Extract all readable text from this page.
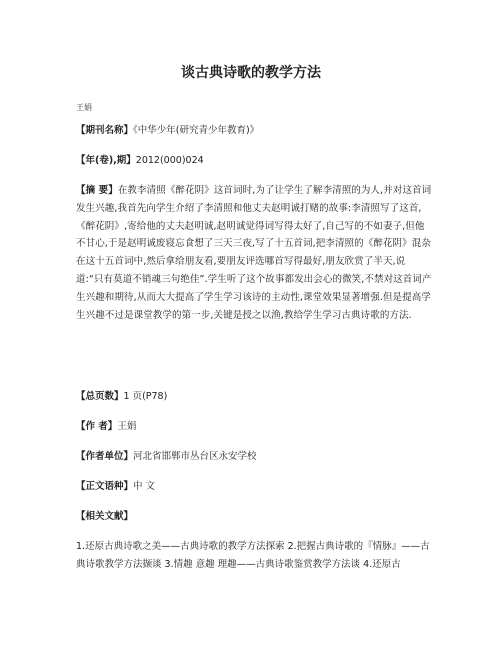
谈古典诗歌的教学方法
王娟
【期刊名称】《中华少年(研究青少年教育)》
【年(卷),期】2012(000)024
【摘 要】在教李清照《醉花阴》这首词时,为了让学生了解李清照的为人,并对这首词发生兴趣,我首先向学生介绍了李清照和他丈夫赵明诚打赌的故事:李清照写了这首,《醉花阴》,寄给他的丈夫赵明诚,赵明诚觉得词写得太好了,自己写的不如妻子,但他不甘心,于是赵明诚废寝忘食想了三天三夜,写了十五首词,把李清照的《醉花阴》混杂在这十五首词中,然后拿给朋友看,要朋友评选哪首写得最好,朋友欣赏了半天,说道:“只有莫道不销魂三句绝佳”.学生听了这个故事都发出会心的微笑,不禁对这首词产生兴趣和期待,从而大大提高了学生学习该诗的主动性,课堂效果显著增强.但是提高学生兴趣不过是课堂教学的第一步,关键是授之以渔,教给学生学习古典诗歌的方法.
【总页数】1 页(P78)
【作 者】王娟
【作者单位】河北省邯郸市丛台区永安学校
【正文语种】中 文
【相关文献】
1.还原古典诗歌之美——古典诗歌的教学方法探索 2.把握古典诗歌的『情脉』——古典诗歌教学方法撷谈 3.情趣 意趣 理趣——古典诗歌鉴赏教学方法谈 4.还原古
